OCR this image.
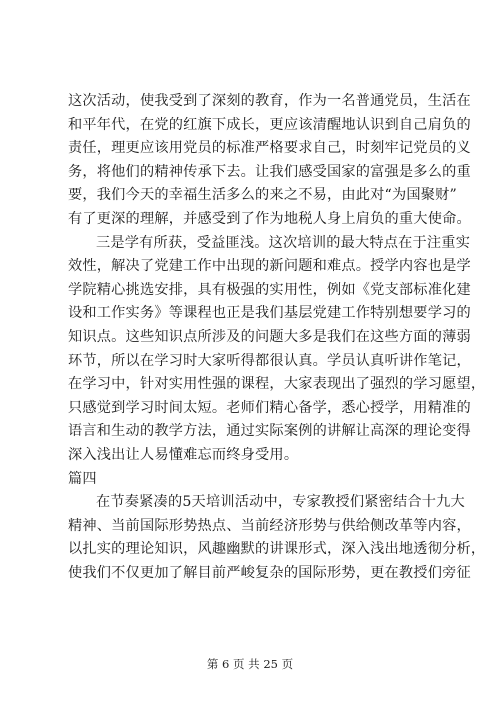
这次活动，使我受到了深刻的教育，作为一名普通党员，生活在
和平年代，在党的红旗下成长，更应该清醒地认识到自己肩负的
责任，理更应该用党员的标准严格要求自己，时刻牢记党员的义
务，将他们的精神传承下去。让我们感受国家的富强是多么的重
要，我们今天的幸福生活多么的来之不易，由此对“为国聚财”
有了更深的理解，并感受到了作为地税人身上肩负的重大使命。
三是学有所获，受益匪浅。这次培训的最大特点在于注重实
效性，解决了党建工作中出现的新问题和难点。授学内容也是学
学院精心挑选安排，具有极强的实用性，例如《党支部标准化建
设和工作实务》等课程也正是我们基层党建工作特别想要学习的
知识点。这些知识点所涉及的问题大多是我们在这些方面的薄弱
环节，所以在学习时大家听得都很认真。学员认真听讲作笔记，
在学习中，针对实用性强的课程，大家表现出了强烈的学习愿望，
只感觉到学习时间太短。老师们精心备学，悉心授学，用精准的
语言和生动的教学方法，通过实际案例的讲解让高深的理论变得
深入浅出让人易懂难忘而终身受用。
篇四
在节奏紧凑的5天培训活动中，专家教授们紧密结合十九大
精神、当前国际形势热点、当前经济形势与供给侧改革等内容，
以扎实的理论知识，风趣幽默的讲课形式，深入浅出地透彻分析，
使我们不仅更加了解目前严峻复杂的国际形势，更在教授们旁征
第 6 页 共 25 页
